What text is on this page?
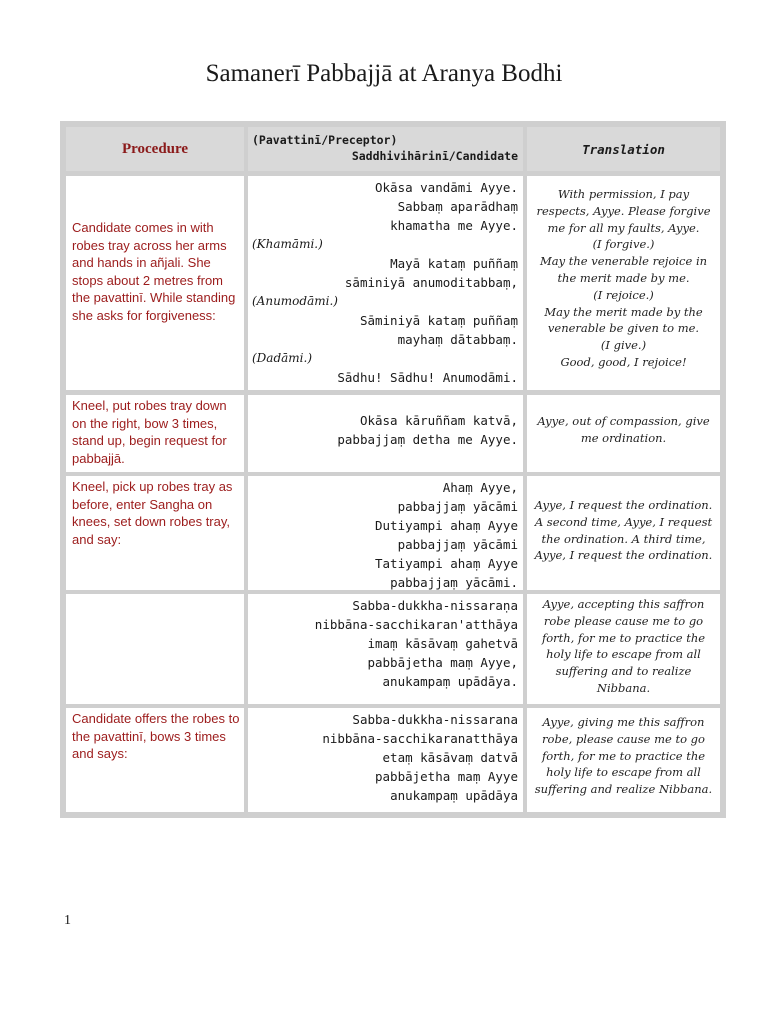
Samanerī Pabbajjā at Aranya Bodhi
Procedure
(Pavattinī/Preceptor)
Saddhivihārinī/Candidate	Translation
Candidate comes in with robes tray across her arms and hands in añjali. She stops about 2 metres from the pavattinī. While standing she asks for forgiveness:
Okāsa vandāmi Ayye.
Sabbaṃ aparādhaṃ
khamatha me Ayye.
(Khamāmi.)
Mayā kataṃ puññaṃ
sāminiyā anumoditabbaṃ,
(Anumodāmi.)
Sāminiyā kataṃ puññaṃ
mayhaṃ dātabbaṃ.
(Dadāmi.)
Sādhu! Sādhu! Anumodāmi.
With permission, I pay
respects, Ayye. Please forgive
me for all my faults, Ayye.
(I forgive.)
May the venerable rejoice in
the merit made by me.
(I rejoice.)
May the merit made by the
venerable be given to me.
(I give.)
Good, good, I rejoice!
Kneel, put robes tray down on the right, bow 3 times, stand up, begin request for pabbajjā.
Okāsa kāruññam katvā,
pabbajjaṃ detha me Ayye.
Ayye, out of compassion, give
me ordination.
Kneel, pick up robes tray as before, enter Sangha on knees, set down robes tray, and say:
Ahaṃ Ayye,
pabbajjaṃ yācāmi
Dutiyampi ahaṃ Ayye
pabbajjaṃ yācāmi
Tatiyampi ahaṃ Ayye
pabbajjaṃ yācāmi.
Ayye, I request the ordination.
A second time, Ayye, I request
the ordination. A third time,
Ayye, I request the ordination.
Sabba-dukkha-nissaraṇa
nibbāna-sacchikaran'atthāya
imaṃ kāsāvaṃ gahetvā
pabbājetha maṃ Ayye,
anukampaṃ upādāya.
Ayye, accepting this saffron
robe please cause me to go
forth, for me to practice the
holy life to escape from all
suffering and to realize
Nibbana.
Candidate offers the robes to the pavattinī, bows 3 times and says:
Sabba-dukkha-nissarana
nibbāna-sacchikaranatthāya
etaṃ kāsāvaṃ datvā
pabbājetha maṃ Ayye
anukampaṃ upādāya
Ayye, giving me this saffron
robe, please cause me to go
forth, for me to practice the
holy life to escape from all
suffering and realize Nibbana.
1
